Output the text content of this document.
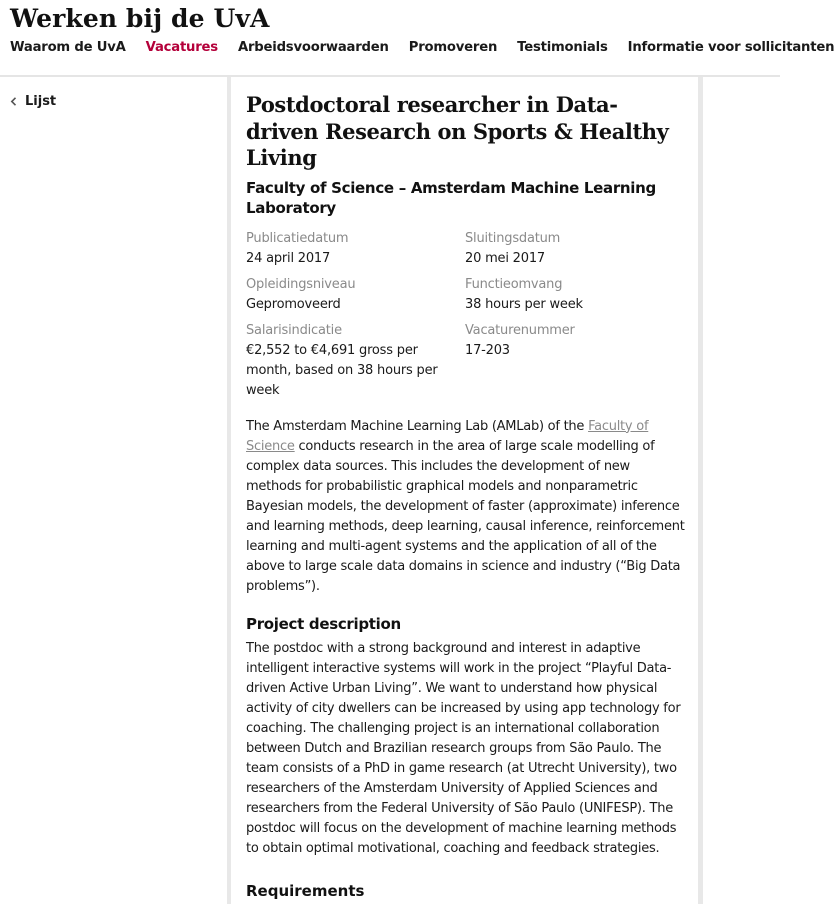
Werken bij de UvA
Waarom de UvA Vacatures Arbeidsvoorwaarden Promoveren Testimonials Informatie voor sollicitanten
Lijst	Postdoctoral researcher in Data-driven Research on Sports & Healthy Living
Faculty of Science – Amsterdam Machine Learning Laboratory
Publicatiedatum
24 april 2017
Sluitingsdatum
20 mei 2017
Opleidingsniveau
Gepromoveerd
Functieomvang
38 hours per week
Salarisindicatie
€2,552 to €4,691 gross per month, based on 38 hours per week
Vacaturenummer
17-203

The Amsterdam Machine Learning Lab (AMLab) of the Faculty of Science conducts research in the area of large scale modelling of complex data sources. This includes the development of new methods for probabilistic graphical models and nonparametric Bayesian models, the development of faster (approximate) inference and learning methods, deep learning, causal inference, reinforcement learning and multi-agent systems and the application of all of the above to large scale data domains in science and industry (“Big Data problems”).

Project description

The postdoc with a strong background and interest in adaptive intelligent interactive systems will work in the project “Playful Data-driven Active Urban Living”. We want to understand how physical activity of city dwellers can be increased by using app technology for coaching. The challenging project is an international collaboration between Dutch and Brazilian research groups from São Paulo. The team consists of a PhD in game research (at Utrecht University), two researchers of the Amsterdam University of Applied Sciences and researchers from the Federal University of São Paulo (UNIFESP). The postdoc will focus on the development of machine learning methods to obtain optimal motivational, coaching and feedback strategies.

Requirements
